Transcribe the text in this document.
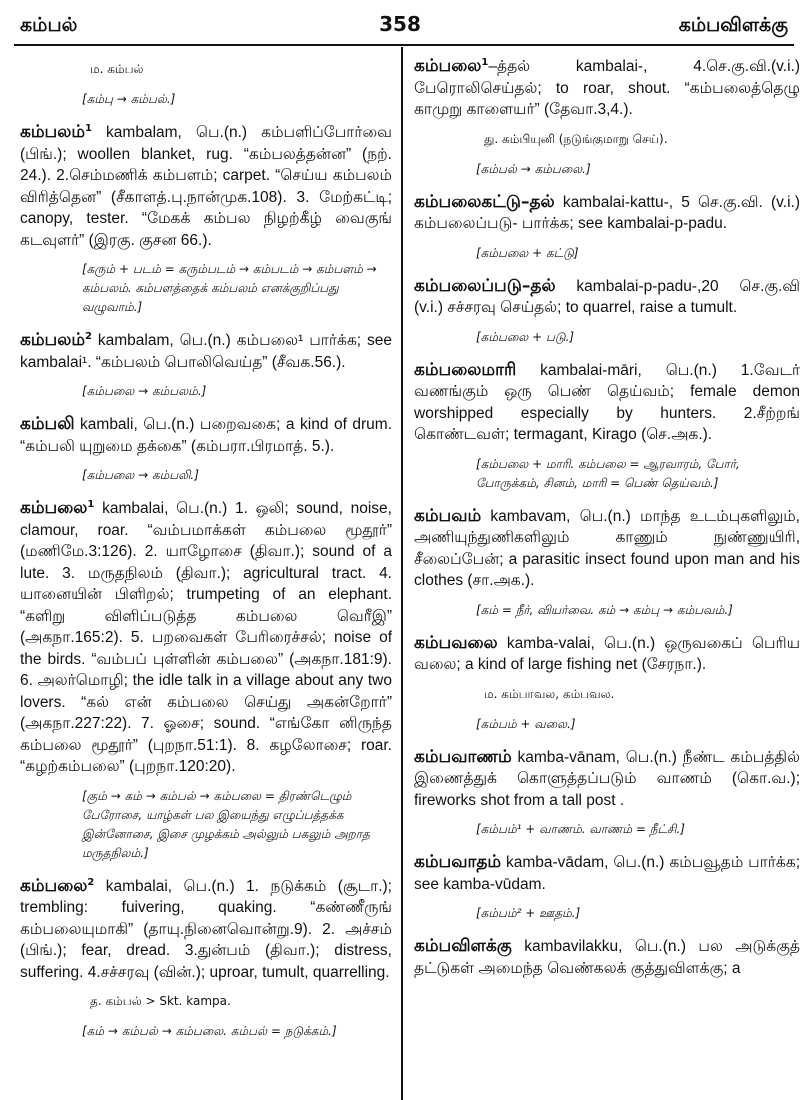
கம்பல்	358	கம்பவிளக்கு
ம. கம்பல்
[கம்பு → கம்பல்.]
கம்பலம்$^1$ kambalam, பெ.(n.) கம்பளிப்போர்வை (பிங்.); woollen blanket, rug. “கம்பலத்தன்ன” (நற். 24.). 2.செம்மணிக் கம்பளம்; carpet. “செய்ய கம்பலம் விரித்தென” (சீகாளத்.பு.நான்முக.108). 3. மேற்கட்டி; canopy, tester. “மேகக் கம்பல நிழற்கீழ் வைகுங் கடவுளர்” (இரகு. குசன 66.).
[கரும் + படம் = கரும்படம் → கம்படம் → கம்பளம் → கம்பலம். கம்பளத்தைக் கம்பலம் எனக்குறிப்பது வழுவாம்.]
கம்பலம்$^2$ kambalam, பெ.(n.) கம்பலை¹ பார்க்க; see kambalai¹. “கம்பலம் பொலிவெய்த” (சீவக.56.).
[கம்பலை → கம்பலம்.]
கம்பலி kambali, பெ.(n.) பறைவகை; a kind of drum. “கம்பலி யுறுமை தக்கை” (கம்பரா.பிரமாத். 5.).
[கம்பலை → கம்பலி.]
கம்பலை$^1$ kambalai, பெ.(n.) 1. ஒலி; sound, noise, clamour, roar. “வம்பமாக்கள் கம்பலை மூதூர்” (மணிமே.3:126). 2. யாழோசை (திவா.); sound of a lute. 3. மருதநிலம் (திவா.); agricultural tract. 4. யானையின் பிளிறல்; trumpeting of an elephant. “களிறு விளிப்படுத்த கம்பலை வெரீஇ” (அகநா.165:2). 5. பறவைகள் பேரிரைச்சல்; noise of the birds. “வம்பப் புள்ளின் கம்பலை” (அகநா.181:9). 6. அலர்மொழி; the idle talk in a village about any two lovers. “கல் என் கம்பலை செய்து அகன்றோர்” (அகநா.227:22). 7. ஓசை; sound. “எங்கோ னிருந்த கம்பலை மூதூர்” (புறநா.51:1). 8. கழலோசை; roar. “கழற்கம்பலை” (புறநா.120:20).
[கும் → கம் → கம்பல் → கம்பலை = திரண்டெழும் பேரோசை, யாழ்கள் பல இயைந்து எழுப்பத்தக்க இன்னோசை, இசை முழக்கம் அல்லும் பகலும் அறாத மருதநிலம்.]
கம்பலை$^2$ kambalai, பெ.(n.) 1. நடுக்கம் (சூடா.); trembling: fuivering, quaking. “கண்ணீருங் கம்பலையுமாகி” (தாயு.நினைவொன்று.9). 2. அச்சம் (பிங்.); fear, dread. 3.துன்பம் (திவா.); distress, suffering. 4.சச்சரவு (வின்.); uproar, tumult, quarrelling.
த. கம்பல் > Skt. kampa.
[கம் → கம்பல் → கம்பலை. கம்பல் = நடுக்கம்.]
கம்பலை$^1$–த்தல் kambalai-, 4.செ.கு.வி.(v.i.) பேரொலிசெய்தல்; to roar, shout. “கம்பலைத்தெழு காமுறு காளையர்” (தேவா.3,4.).
து. கம்பியுனி (நடுங்குமாறு செய்).
[கம்பல் → கம்பலை.]
கம்பலைகட்டு–தல் kambalai-kattu-, 5 செ.கு.வி. (v.i.) கம்பலைப்படு- பார்க்க; see kambalai-p-padu.
[கம்பலை + கட்டு]
கம்பலைப்படு–தல் kambalai-p-padu-,20 செ.கு.வி (v.i.) சச்சரவு செய்தல்; to quarrel, raise a tumult.
[கம்பலை + படு.]
கம்பலைமாரி kambalai-māri, பெ.(n.) 1.வேடர் வணங்கும் ஒரு பெண் தெய்வம்; female demon worshipped especially by hunters. 2.சீற்றங் கொண்டவள்; termagant, Kirago (செ.அக.).
[கம்பலை + மாரி. கம்பலை = ஆரவாரம், போர், போருக்கம், சினம், மாரி = பெண் தெய்வம்.]
கம்பவம் kambavam, பெ.(n.) மாந்த உடம்புகளிலும், அணியுந்துணிகளிலும் காணும் நுண்ணுயிரி, சீலைப்பேன்; a parasitic insect found upon man and his clothes (சா.அக.).
[கம் = நீர், வியர்வை. கம் → கம்பு → கம்பவம்.]
கம்பவலை kamba-valai, பெ.(n.) ஒருவகைப் பெரிய வலை; a kind of large fishing net (சேரநா.).
ம. கம்பாவல, கம்பவல.
[கம்பம் + வலை.]
கம்பவாணம் kamba-vānam, பெ.(n.) நீண்ட கம்பத்தில் இணைத்துக் கொளுத்தப்படும் வாணம் (கொ.வ.); fireworks shot from a tall post .
[கம்பம்¹ + வாணம். வாணம் = நீட்சி.]
கம்பவாதம் kamba-vādam, பெ.(n.) கம்பவூதம் பார்க்க; see kamba-vūdam.
[கம்பம்² + ஊதம்.]
கம்பவிளக்கு kambavilakku, பெ.(n.) பல அடுக்குத் தட்டுகள் அமைந்த வெண்கலக் குத்துவிளக்கு; a
